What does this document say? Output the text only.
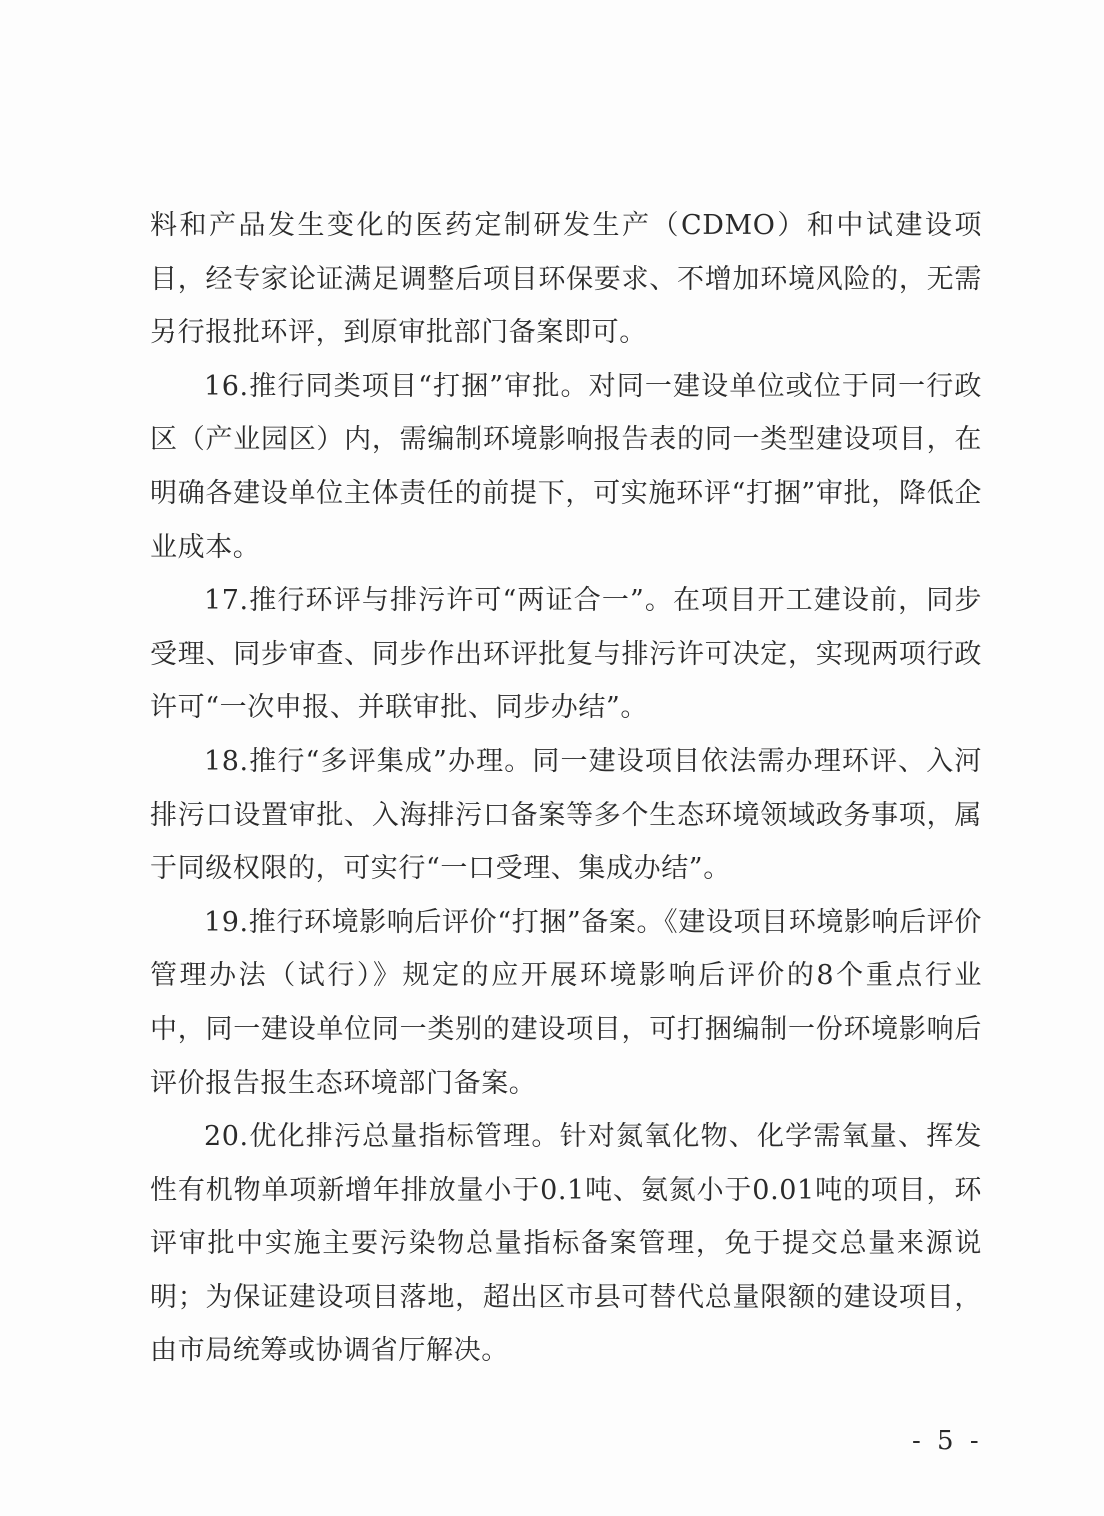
料和产品发生变化的医药定制研发生产（CDMO）和中试建设项目，经专家论证满足调整后项目环保要求、不增加环境风险的，无需另行报批环评，到原审批部门备案即可。

16.推行同类项目“打捆”审批。对同一建设单位或位于同一行政区（产业园区）内，需编制环境影响报告表的同一类型建设项目，在明确各建设单位主体责任的前提下，可实施环评“打捆”审批，降低企业成本。

17.推行环评与排污许可“两证合一”。在项目开工建设前，同步受理、同步审查、同步作出环评批复与排污许可决定，实现两项行政许可“一次申报、并联审批、同步办结”。

18.推行“多评集成”办理。同一建设项目依法需办理环评、入河排污口设置审批、入海排污口备案等多个生态环境领域政务事项，属于同级权限的，可实行“一口受理、集成办结”。

19.推行环境影响后评价“打捆”备案。《建设项目环境影响后评价管理办法（试行）》规定的应开展环境影响后评价的8个重点行业中，同一建设单位同一类别的建设项目，可打捆编制一份环境影响后评价报告报生态环境部门备案。

20.优化排污总量指标管理。针对氮氧化物、化学需氧量、挥发性有机物单项新增年排放量小于0.1吨、氨氮小于0.01吨的项目，环评审批中实施主要污染物总量指标备案管理，免于提交总量来源说明；为保证建设项目落地，超出区市县可替代总量限额的建设项目，由市局统筹或协调省厅解决。

- 5 -
